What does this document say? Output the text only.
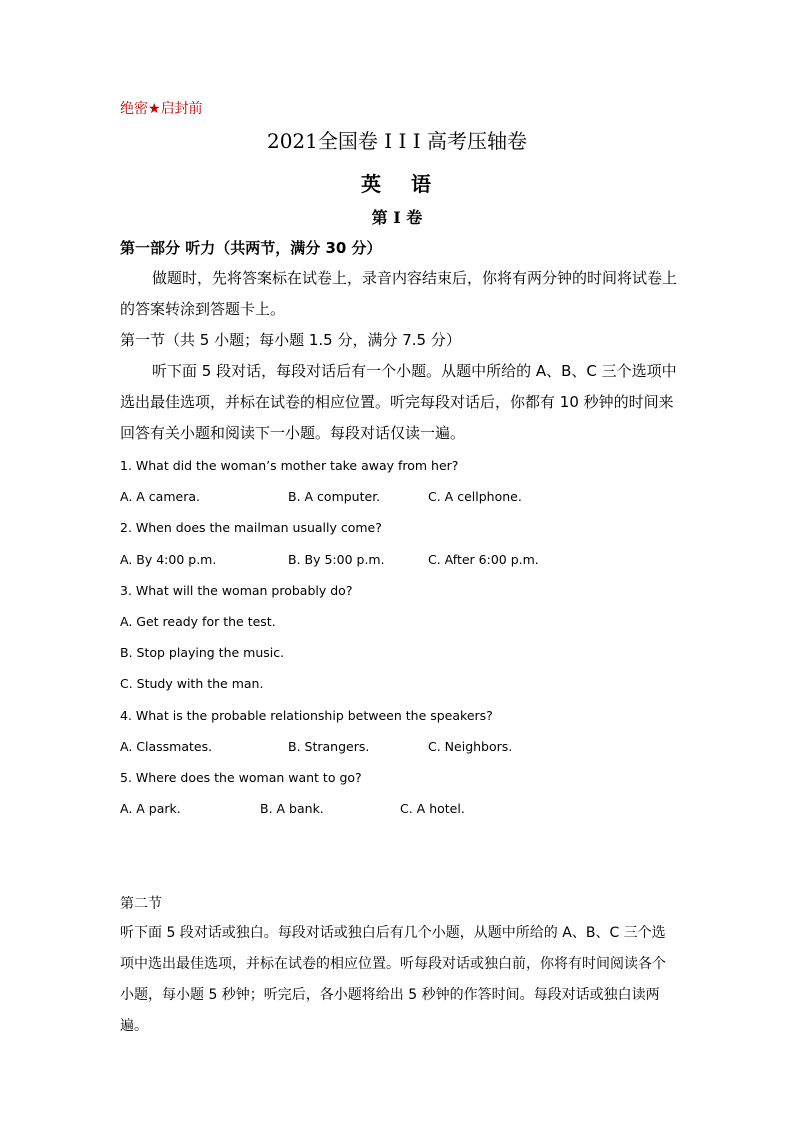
绝密★启封前
2021全国卷 I I I 高考压轴卷
英 语
第 I 卷
第一部分 听力（共两节，满分 30 分）
做题时，先将答案标在试卷上，录音内容结束后，你将有两分钟的时间将试卷上的答案转涂到答题卡上。
第一节（共 5 小题；每小题 1.5 分，满分 7.5 分）
听下面 5 段对话，每段对话后有一个小题。从题中所给的 A、B、C 三个选项中选出最佳选项，并标在试卷的相应位置。听完每段对话后，你都有 10 秒钟的时间来回答有关小题和阅读下一小题。每段对话仅读一遍。
1. What did the woman’s mother take away from her?
A. A camera.	B. A computer.	C. A cellphone.
2. When does the mailman usually come?
A. By 4:00 p.m.	B. By 5:00 p.m.	C. After 6:00 p.m.
3. What will the woman probably do?
A. Get ready for the test.
B. Stop playing the music.
C. Study with the man.
4. What is the probable relationship between the speakers?
A. Classmates.	B. Strangers.	C. Neighbors.
5. Where does the woman want to go?
A. A park.	B. A bank.	C. A hotel.
第二节
听下面 5 段对话或独白。每段对话或独白后有几个小题，从题中所给的 A、B、C 三个选项中选出最佳选项，并标在试卷的相应位置。听每段对话或独白前，你将有时间阅读各个小题，每小题 5 秒钟；听完后，各小题将给出 5 秒钟的作答时间。每段对话或独白读两遍。
